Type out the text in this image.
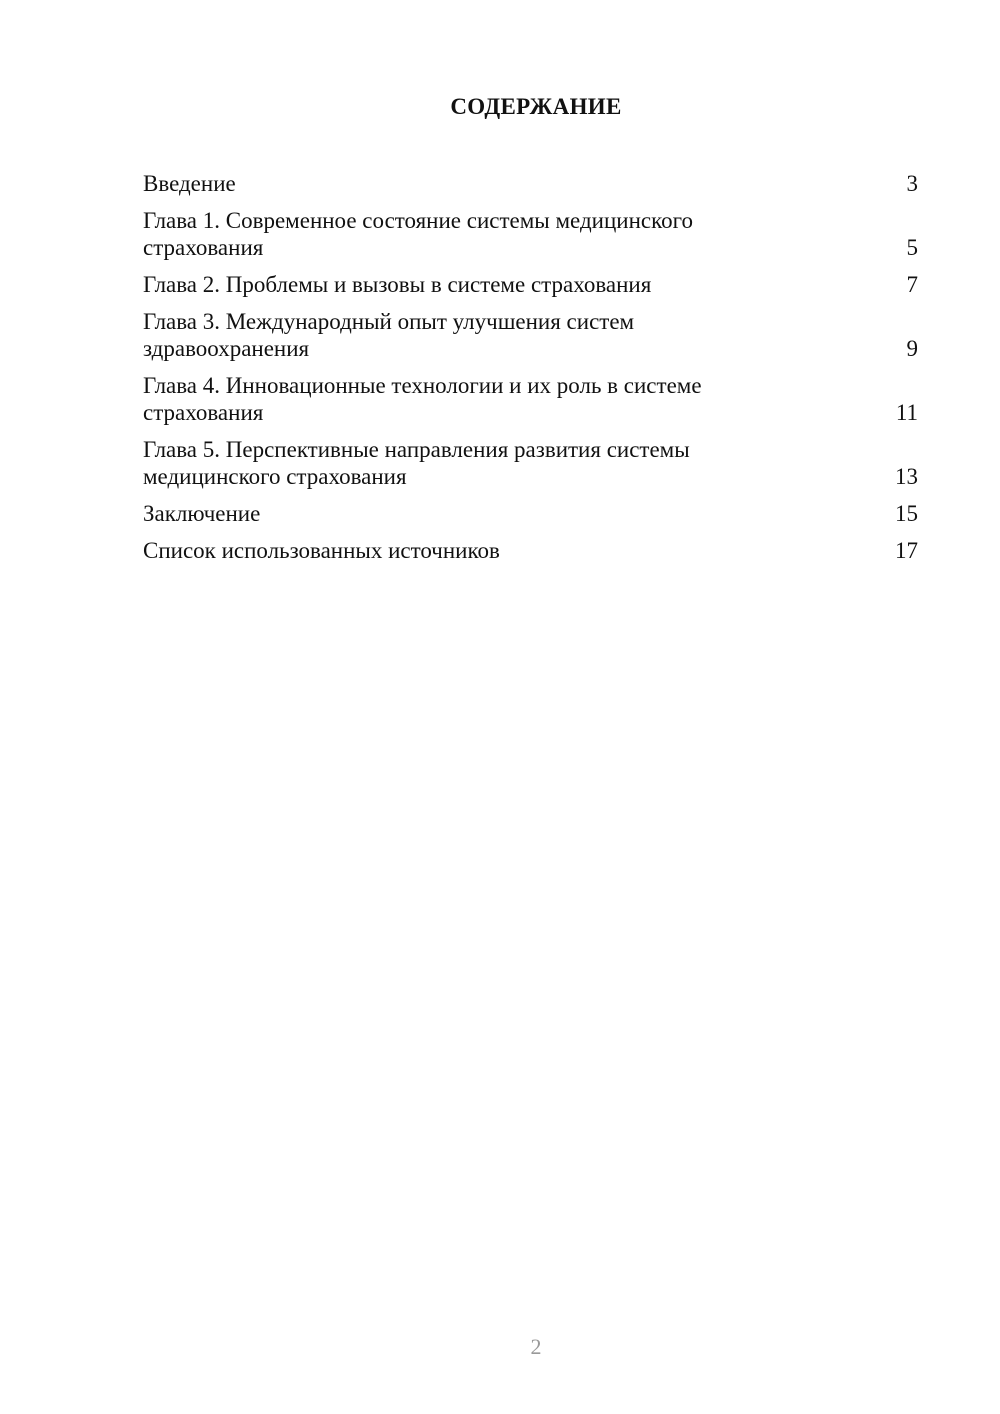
СОДЕРЖАНИЕ
Введение	3
Глава 1. Современное состояние системы медицинского страхования	5
Глава 2. Проблемы и вызовы в системе страхования	7
Глава 3. Международный опыт улучшения систем здравоохранения	9
Глава 4. Инновационные технологии и их роль в системе страхования	11
Глава 5. Перспективные направления развития системы медицинского страхования	13
Заключение	15
Список использованных источников	17
2
